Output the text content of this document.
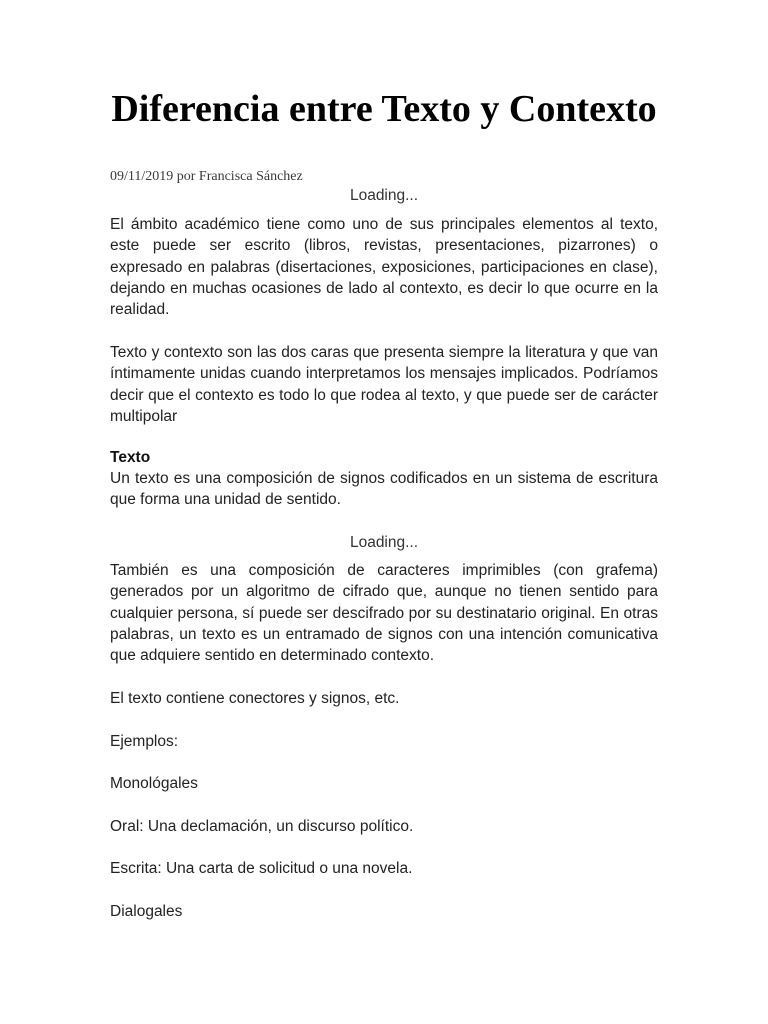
Diferencia entre Texto y Contexto
09/11/2019 por Francisca Sánchez
Loading...

El ámbito académico tiene como uno de sus principales elementos al texto, este puede ser escrito (libros, revistas, presentaciones, pizarrones) o expresado en palabras (disertaciones, exposiciones, participaciones en clase), dejando en muchas ocasiones de lado al contexto, es decir lo que ocurre en la realidad.

Texto y contexto son las dos caras que presenta siempre la literatura y que van íntimamente unidas cuando interpretamos los mensajes implicados. Podríamos decir que el contexto es todo lo que rodea al texto, y que puede ser de carácter multipolar

Texto

Un texto es una composición de signos codificados en un sistema de escritura que forma una unidad de sentido.

Loading...

También es una composición de caracteres imprimibles (con grafema) generados por un algoritmo de cifrado que, aunque no tienen sentido para cualquier persona, sí puede ser descifrado por su destinatario original. En otras palabras, un texto es un entramado de signos con una intención comunicativa que adquiere sentido en determinado contexto.

El texto contiene conectores y signos, etc.

Ejemplos:

Monológales

Oral: Una declamación, un discurso político.

Escrita: Una carta de solicitud o una novela.

Dialogales
